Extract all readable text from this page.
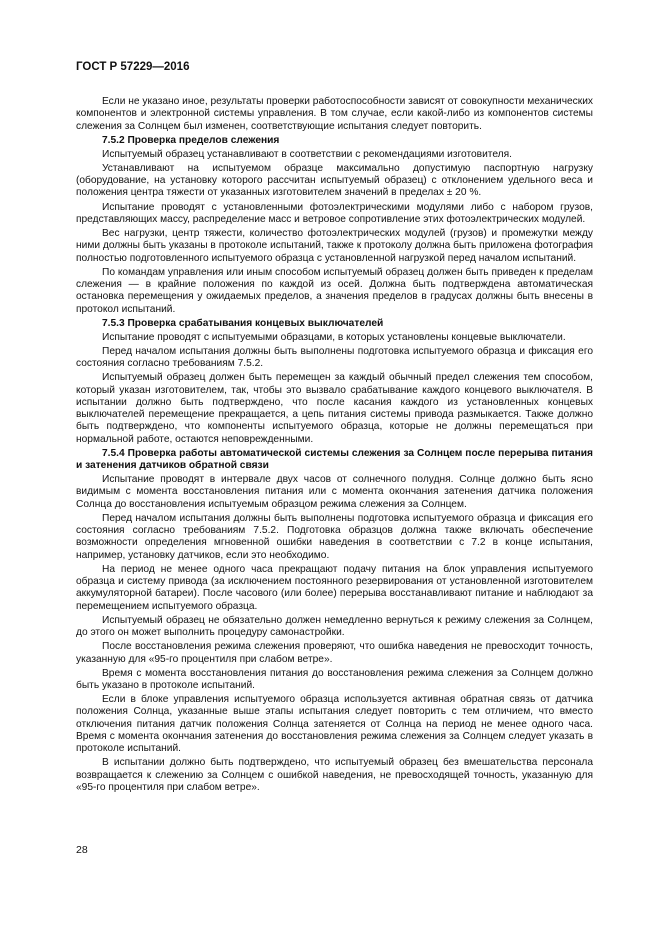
ГОСТ Р 57229—2016

Если не указано иное, результаты проверки работоспособности зависят от совокупности механических компонентов и электронной системы управления. В том случае, если какой-либо из компонентов системы слежения за Солнцем был изменен, соответствующие испытания следует повторить.

7.5.2 Проверка пределов слежения

Испытуемый образец устанавливают в соответствии с рекомендациями изготовителя.

Устанавливают на испытуемом образце максимально допустимую паспортную нагрузку (оборудование, на установку которого рассчитан испытуемый образец) с отклонением удельного веса и положения центра тяжести от указанных изготовителем значений в пределах ± 20 %.

Испытание проводят с установленными фотоэлектрическими модулями либо с набором грузов, представляющих массу, распределение масс и ветровое сопротивление этих фотоэлектрических модулей.

Вес нагрузки, центр тяжести, количество фотоэлектрических модулей (грузов) и промежутки между ними должны быть указаны в протоколе испытаний, также к протоколу должна быть приложена фотография полностью подготовленного испытуемого образца с установленной нагрузкой перед началом испытаний.

По командам управления или иным способом испытуемый образец должен быть приведен к пределам слежения — в крайние положения по каждой из осей. Должна быть подтверждена автоматическая остановка перемещения у ожидаемых пределов, а значения пределов в градусах должны быть внесены в протокол испытаний.

7.5.3 Проверка срабатывания концевых выключателей

Испытание проводят с испытуемыми образцами, в которых установлены концевые выключатели.

Перед началом испытания должны быть выполнены подготовка испытуемого образца и фиксация его состояния согласно требованиям 7.5.2.

Испытуемый образец должен быть перемещен за каждый обычный предел слежения тем способом, который указан изготовителем, так, чтобы это вызвало срабатывание каждого концевого выключателя. В испытании должно быть подтверждено, что после касания каждого из установленных концевых выключателей перемещение прекращается, а цепь питания системы привода размыкается. Также должно быть подтверждено, что компоненты испытуемого образца, которые не должны перемещаться при нормальной работе, остаются неповрежденными.

7.5.4 Проверка работы автоматической системы слежения за Солнцем после перерыва питания и затенения датчиков обратной связи

Испытание проводят в интервале двух часов от солнечного полудня. Солнце должно быть ясно видимым с момента восстановления питания или с момента окончания затенения датчика положения Солнца до восстановления испытуемым образцом режима слежения за Солнцем.

Перед началом испытания должны быть выполнены подготовка испытуемого образца и фиксация его состояния согласно требованиям 7.5.2. Подготовка образцов должна также включать обеспечение возможности определения мгновенной ошибки наведения в соответствии с 7.2 в конце испытания, например, установку датчиков, если это необходимо.

На период не менее одного часа прекращают подачу питания на блок управления испытуемого образца и систему привода (за исключением постоянного резервирования от установленной изготовителем аккумуляторной батареи). После часового (или более) перерыва восстанавливают питание и наблюдают за перемещением испытуемого образца.

Испытуемый образец не обязательно должен немедленно вернуться к режиму слежения за Солнцем, до этого он может выполнить процедуру самонастройки.

После восстановления режима слежения проверяют, что ошибка наведения не превосходит точность, указанную для «95-го процентиля при слабом ветре».

Время с момента восстановления питания до восстановления режима слежения за Солнцем должно быть указано в протоколе испытаний.

Если в блоке управления испытуемого образца используется активная обратная связь от датчика положения Солнца, указанные выше этапы испытания следует повторить с тем отличием, что вместо отключения питания датчик положения Солнца затеняется от Солнца на период не менее одного часа. Время с момента окончания затенения до восстановления режима слежения за Солнцем следует указать в протоколе испытаний.

В испытании должно быть подтверждено, что испытуемый образец без вмешательства персонала возвращается к слежению за Солнцем с ошибкой наведения, не превосходящей точность, указанную для «95-го процентиля при слабом ветре».

28
